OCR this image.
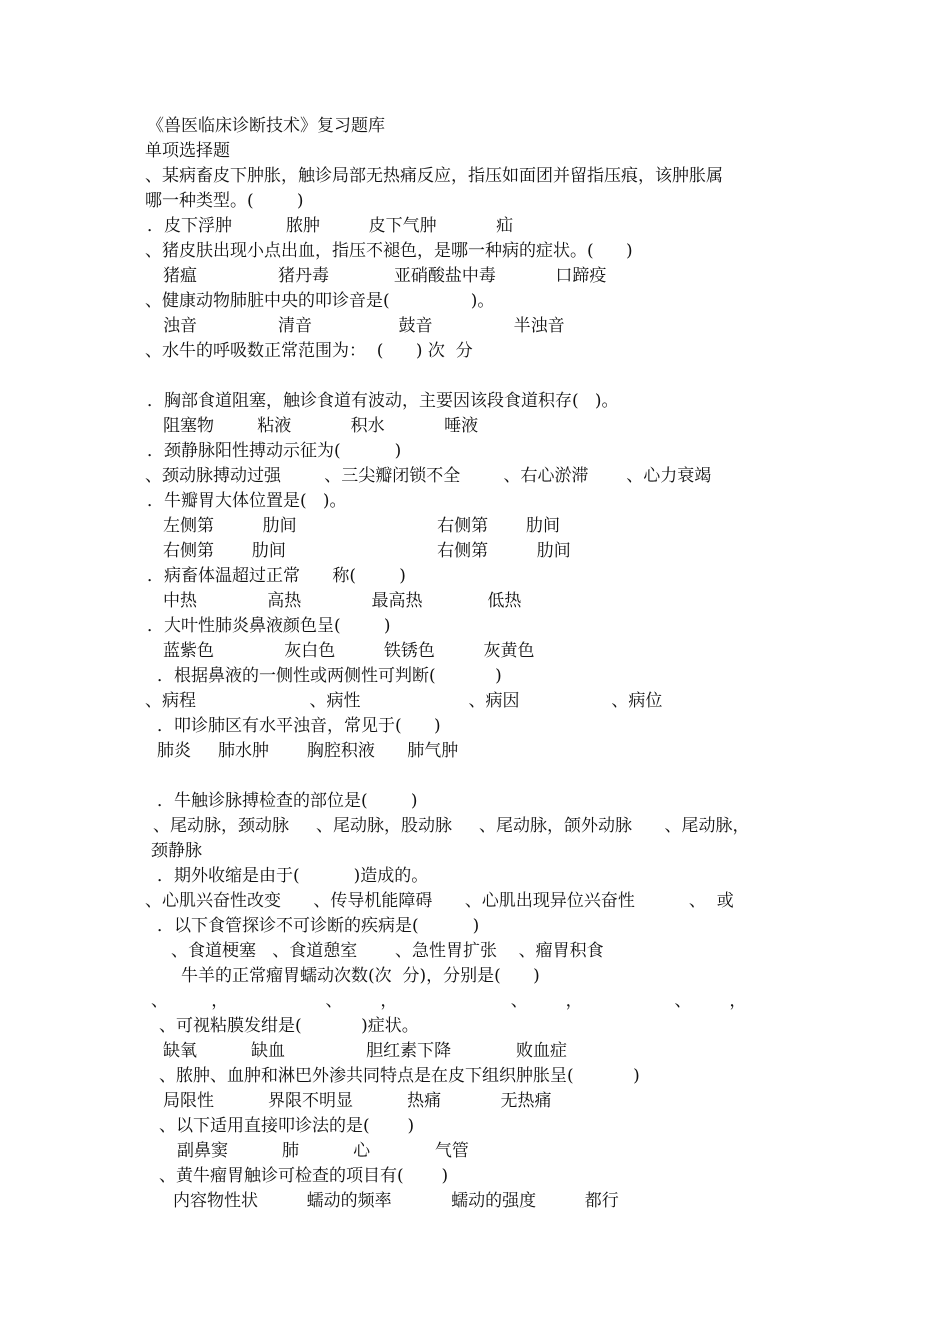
《兽医临床诊断技术》复习题库
单项选择题
、某病畜皮下肿胀，触诊局部无热痛反应，指压如面团并留指压痕，该肿胀属
哪一种类型。(        )
．皮下浮肿          脓肿         皮下气肿           疝
、猪皮肤出现小点出血，指压不褪色，是哪一种病的症状。(      )
猪瘟               猪丹毒            亚硝酸盐中毒           口蹄疫
、健康动物肺脏中央的叩诊音是(               )。
浊音               清音                鼓音               半浊音
、水牛的呼吸数正常范围为：  (      ) 次  分
．胸部食道阻塞，触诊食道有波动，主要因该段食道积存(   )。
阻塞物        粘液           积水           唾液
．颈静脉阳性搏动示征为(          )
、颈动脉搏动过强        、三尖瓣闭锁不全        、右心淤滞       、心力衰竭
．牛瓣胃大体位置是(   )。
左侧第         肋间                          右侧第       肋间
右侧第       肋间                            右侧第         肋间
．病畜体温超过正常      称(        )
中热             高热             最高热            低热
．大叶性肺炎鼻液颜色呈(        )
蓝紫色             灰白色         铁锈色         灰黄色
．根据鼻液的一侧性或两侧性可判断(           )
、病程                     、病性                    、病因                 、病位
．叩诊肺区有水平浊音，常见于(      )
肺炎     肺水肿       胸腔积液      肺气肿
．牛触诊脉搏检查的部位是(        )
、尾动脉，颈动脉     、尾动脉，股动脉     、尾动脉，颌外动脉      、尾动脉，
颈静脉
．期外收缩是由于(          )造成的。
、心肌兴奋性改变      、传导机能障碍      、心肌出现异位兴奋性          、  或
．以下食管探诊不可诊断的疾病是(          )
、食道梗塞   、食道憩室       、急性胃扩张    、瘤胃积食
牛羊的正常瘤胃蠕动次数(次  分)，分别是(      )
、        ，                  、       ，                     、       ，                 、       ，
、可视粘膜发绀是(           )症状。
缺氧          缺血               胆红素下降            败血症
、脓肿、血肿和淋巴外渗共同特点是在皮下组织肿胀呈(           )
局限性          界限不明显          热痛           无热痛
、以下适用直接叩诊法的是(       )
副鼻窦          肺          心            气管
、黄牛瘤胃触诊可检查的项目有(       )
内容物性状         蠕动的频率           蠕动的强度         都行
